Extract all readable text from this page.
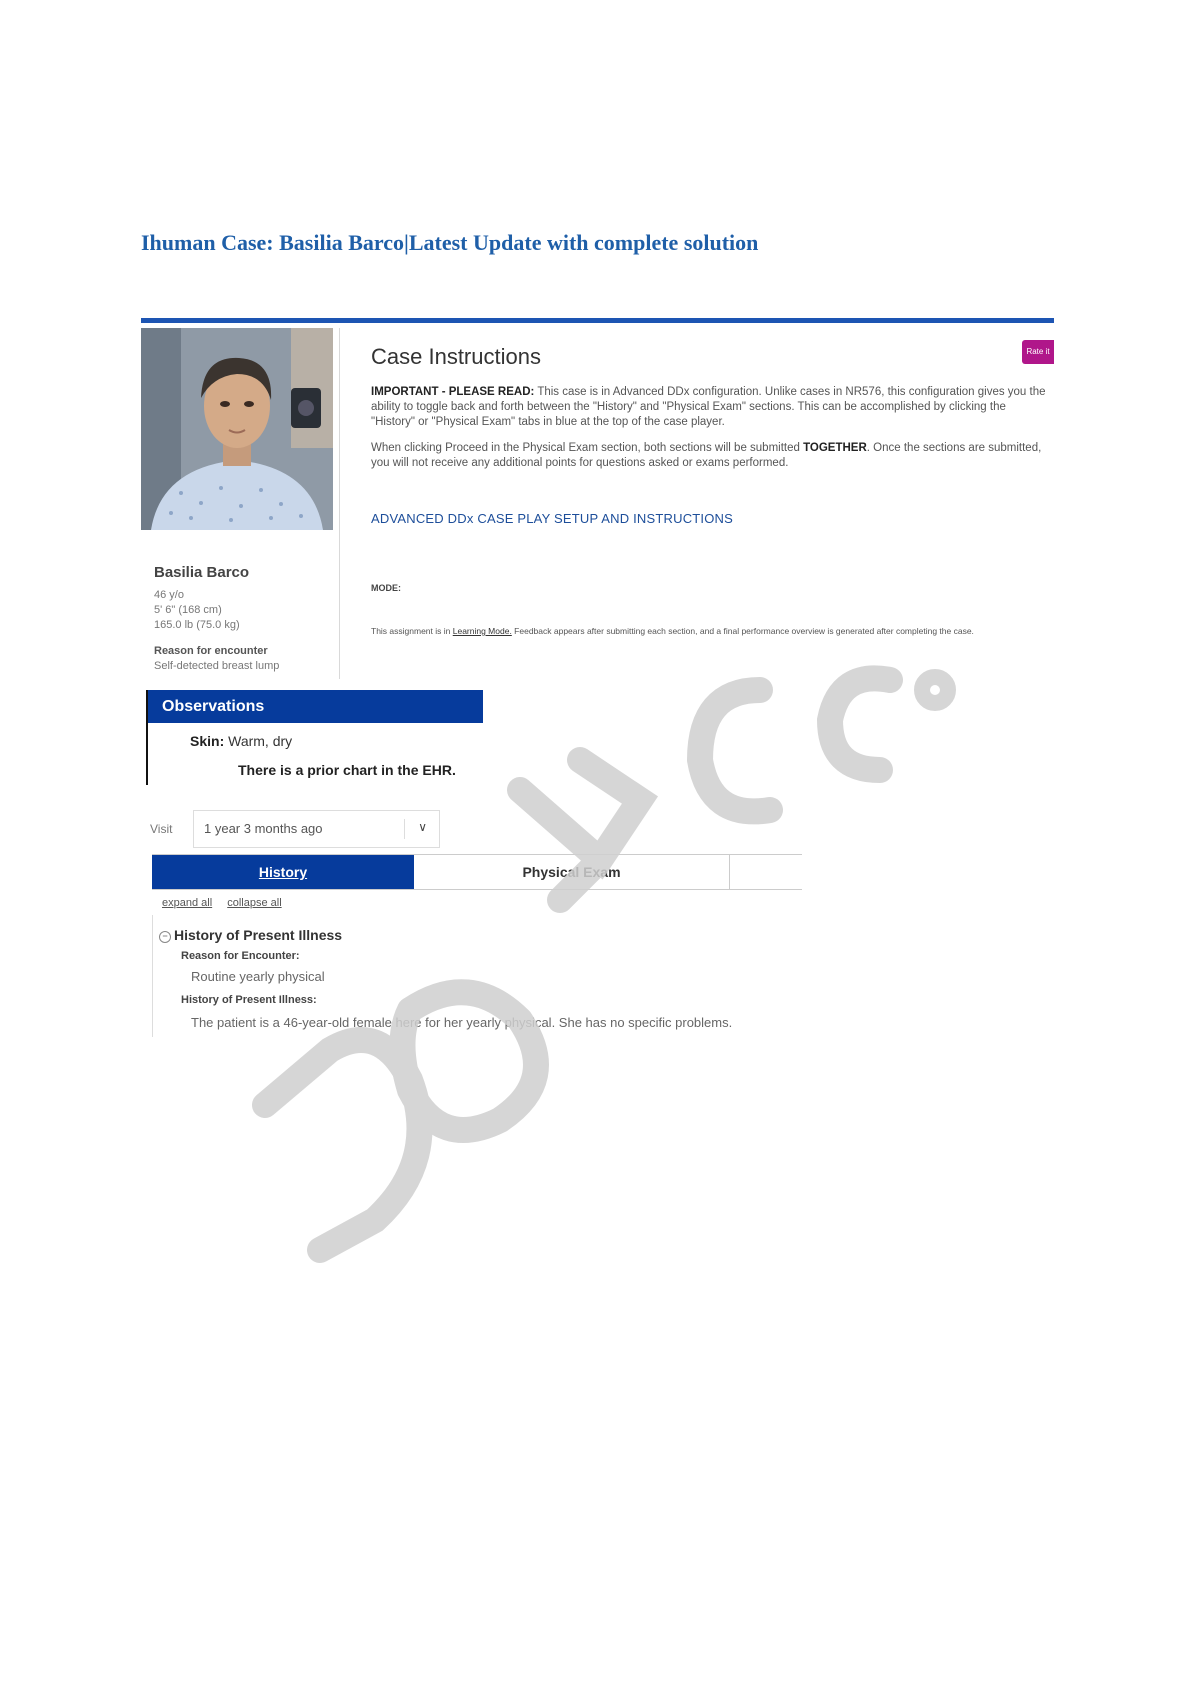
Ihuman Case: Basilia Barco|Latest Update with complete solution
Basilia Barco
46 y/o
5' 6" (168 cm)
165.0 lb (75.0 kg)
Reason for encounter
Self-detected breast lump
Case Instructions	Rate it
IMPORTANT - PLEASE READ: This case is in Advanced DDx configuration. Unlike cases in NR576, this configuration gives you the ability to toggle back and forth between the "History" and "Physical Exam" sections. This can be accomplished by clicking the "History" or "Physical Exam" tabs in blue at the top of the case player.
When clicking Proceed in the Physical Exam section, both sections will be submitted TOGETHER. Once the sections are submitted, you will not receive any additional points for questions asked or exams performed.
ADVANCED DDx CASE PLAY SETUP AND INSTRUCTIONS
MODE:
This assignment is in Learning Mode. Feedback appears after submitting each section, and a final performance overview is generated after completing the case.
Observations
Skin: Warm, dry
There is a prior chart in the EHR.
Visit 1 year 3 months ago	∨
History	Physical Exam
expand all collapse all
− History of Present Illness
Reason for Encounter:
Routine yearly physical
History of Present Illness:
The patient is a 46-year-old female here for her yearly physical. She has no specific problems.
